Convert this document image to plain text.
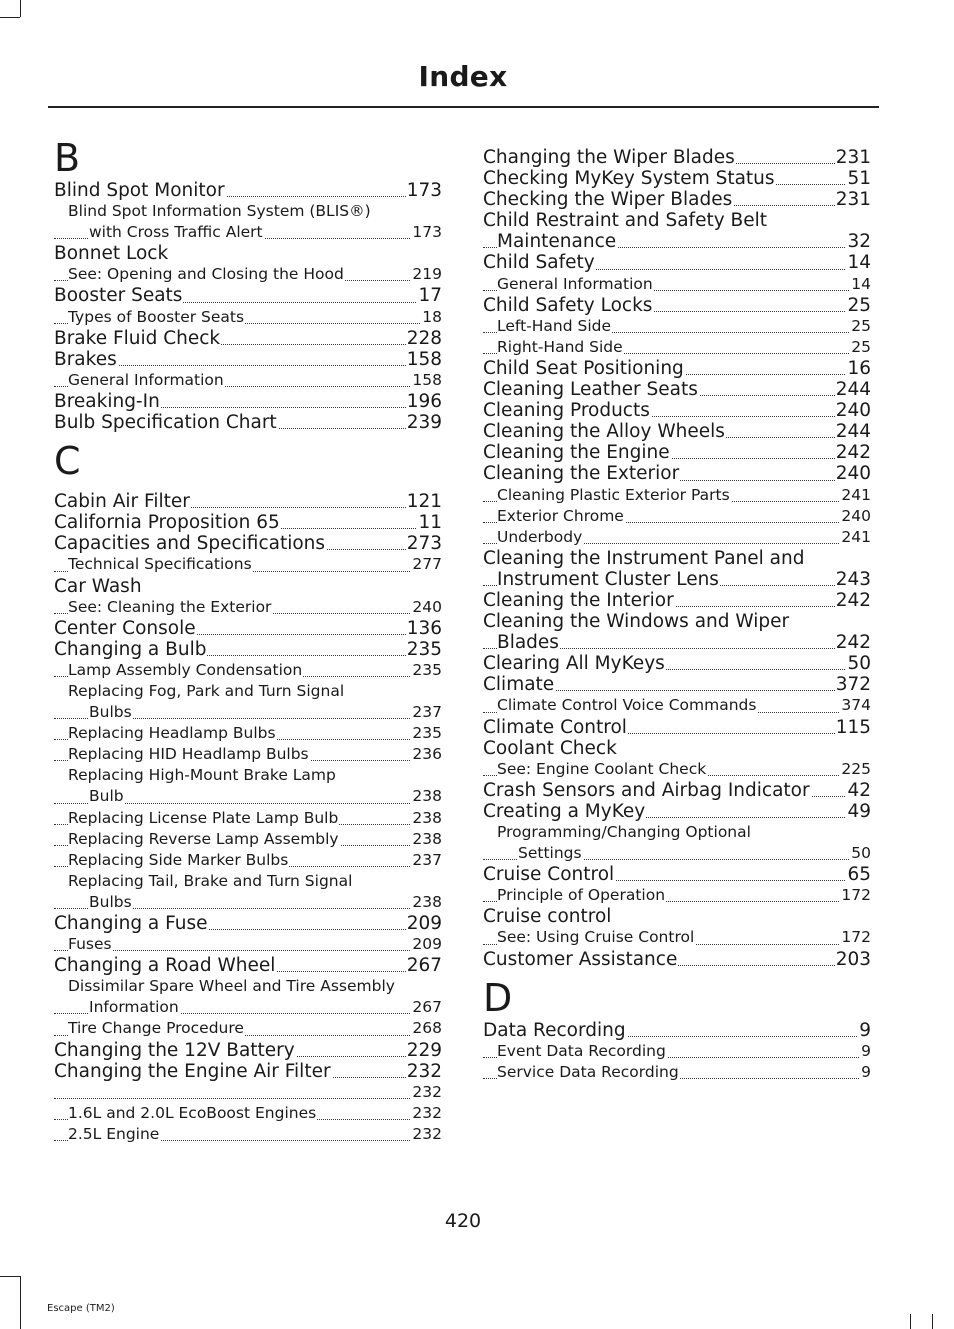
Index
B
Blind Spot Monitor	173
Blind Spot Information System (BLIS®)
with Cross Traffic Alert	173
Bonnet Lock
See: Opening and Closing the Hood	219
Booster Seats	17
Types of Booster Seats	18
Brake Fluid Check	228
Brakes	158
General Information	158
Breaking-In	196
Bulb Specification Chart	239
C
Cabin Air Filter	121
California Proposition 65	11
Capacities and Specifications	273
Technical Specifications	277
Car Wash
See: Cleaning the Exterior	240
Center Console	136
Changing a Bulb	235
Lamp Assembly Condensation	235
Replacing Fog, Park and Turn Signal
Bulbs	237
Replacing Headlamp Bulbs	235
Replacing HID Headlamp Bulbs	236
Replacing High-Mount Brake Lamp
Bulb	238
Replacing License Plate Lamp Bulb	238
Replacing Reverse Lamp Assembly	238
Replacing Side Marker Bulbs	237
Replacing Tail, Brake and Turn Signal
Bulbs	238
Changing a Fuse	209
Fuses	209
Changing a Road Wheel	267
Dissimilar Spare Wheel and Tire Assembly
Information	267
Tire Change Procedure	268
Changing the 12V Battery	229
Changing the Engine Air Filter	232
232
1.6L and 2.0L EcoBoost Engines	232
2.5L Engine	232
Changing the Wiper Blades	231
Checking MyKey System Status	51
Checking the Wiper Blades	231
Child Restraint and Safety Belt
Maintenance	32
Child Safety	14
General Information	14
Child Safety Locks	25
Left-Hand Side	25
Right-Hand Side	25
Child Seat Positioning	16
Cleaning Leather Seats	244
Cleaning Products	240
Cleaning the Alloy Wheels	244
Cleaning the Engine	242
Cleaning the Exterior	240
Cleaning Plastic Exterior Parts	241
Exterior Chrome	240
Underbody	241
Cleaning the Instrument Panel and
Instrument Cluster Lens	243
Cleaning the Interior	242
Cleaning the Windows and Wiper
Blades	242
Clearing All MyKeys	50
Climate	372
Climate Control Voice Commands	374
Climate Control	115
Coolant Check
See: Engine Coolant Check	225
Crash Sensors and Airbag Indicator 42
Creating a MyKey	49
Programming/Changing Optional
Settings	50
Cruise Control	65
Principle of Operation	172
Cruise control
See: Using Cruise Control	172
Customer Assistance	203
D
Data Recording	9
Event Data Recording	9
Service Data Recording	9
420
Escape (TM2)
